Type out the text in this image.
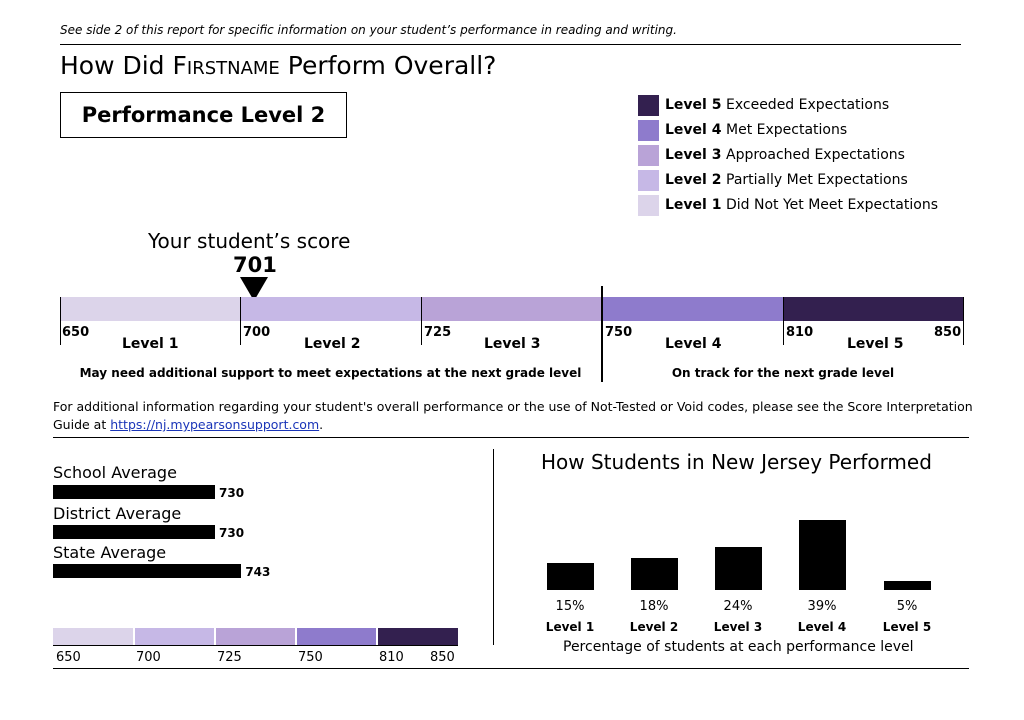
See side 2 of this report for specific information on your student’s performance in reading and writing.
How Did Firstname Perform Overall?
Performance Level 2	Level 5 Exceeded Expectations
Level 4 Met Expectations
Level 3 Approached Expectations
Level 2 Partially Met Expectations
Level 1 Did Not Yet Meet Expectations
Your student’s score
701
650	700	725	750	810	850
Level 1	Level 2	Level 3	Level 4	Level 5
May need additional support to meet expectations at the next grade level	On track for the next grade level
For additional information regarding your student's overall performance or the use of Not-Tested or Void codes, please see the Score Interpretation Guide at https://nj.mypearsonsupport.com.
School Average
730
District Average
730
State Average
743
650	700	725	750	810 850
How Students in New Jersey Performed
15%
Level 1
18%
Level 2
24%
Level 3
39%
Level 4
5%
Level 5
Percentage of students at each performance level
